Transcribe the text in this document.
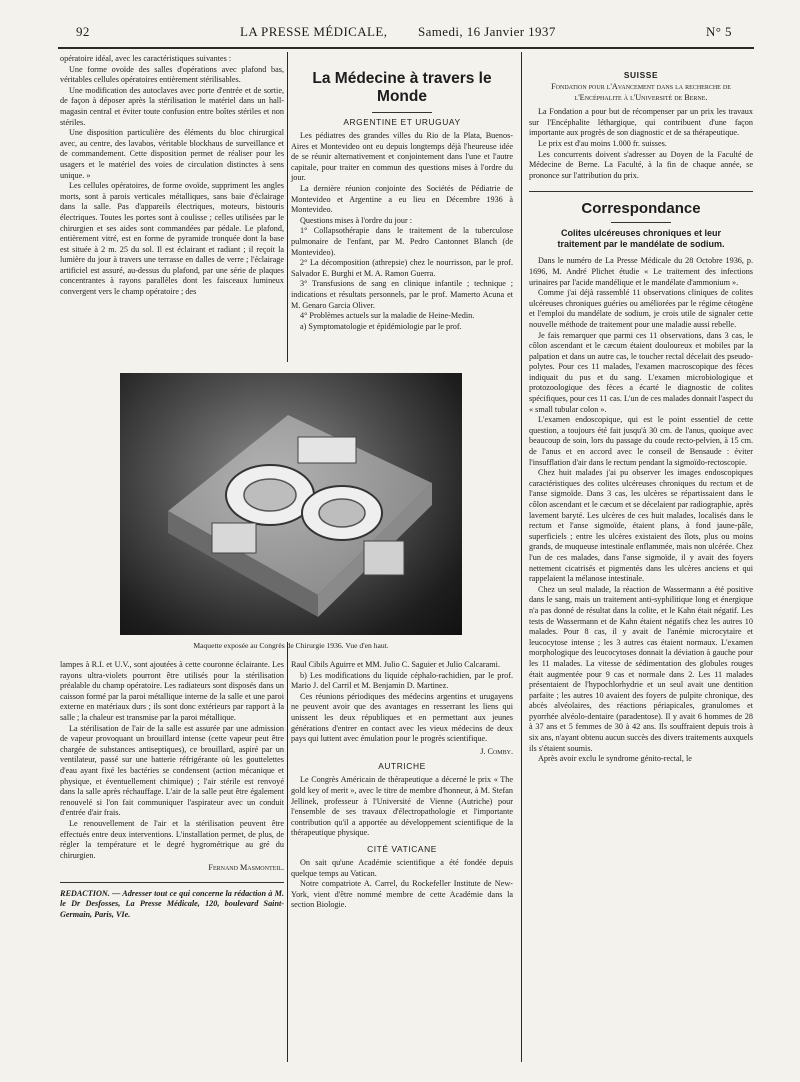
92	LA PRESSE MÉDICALE, Samedi, 16 Janvier 1937	N° 5

opératoire idéal, avec les caractéristiques suivantes :

Une forme ovoïde des salles d'opérations avec plafond bas, véritables cellules opératoires entièrement stérilisables.

Une modification des autoclaves avec porte d'entrée et de sortie, de façon à déposer après la stérilisation le matériel dans un hall-magasin central et éviter toute confusion entre boîtes stériles et non stériles.

Une disposition particulière des éléments du bloc chirurgical avec, au centre, des lavabos, véritable blockhaus de surveillance et de commandement. Cette disposition permet de réaliser pour les usagers et le matériel des voies de circulation distinctes à sens unique. »

Les cellules opératoires, de forme ovoïde, suppriment les angles morts, sont à parois verticales métalliques, sans baie d'éclairage dans la salle. Pas d'appareils électriques, moteurs, bistouris électriques. Toutes les portes sont à coulisse ; celles utilisées par le chirurgien et ses aides sont commandées par pédale. Le plafond, entièrement vitré, est en forme de pyramide tronquée dont la base est située à 2 m. 25 du sol. Il est éclairant et radiant ; il reçoit la lumière du jour à travers une terrasse en dalles de verre ; l'éclairage artificiel est assuré, au-dessus du plafond, par une série de plaques concentrantes à rayons parallèles dont les faisceaux lumineux convergent vers le champ opératoire ; des

La Médecine à travers le Monde

ARGENTINE ET URUGUAY

Les pédiatres des grandes villes du Rio de la Plata, Buenos-Aires et Montevideo ont eu depuis longtemps déjà l'heureuse idée de se réunir alternativement et conjointement dans l'une et l'autre capitale, pour traiter en commun des questions mises à l'ordre du jour.

La dernière réunion conjointe des Sociétés de Pédiatrie de Montevideo et Argentine a eu lieu en Décembre 1936 à Montevideo.

Questions mises à l'ordre du jour :

1° Collapsothérapie dans le traitement de la tuberculose pulmonaire de l'enfant, par M. Pedro Cantonnet Blanch (de Montevideo).

2° La décomposition (athrepsie) chez le nourrisson, par le prof. Salvador E. Burghi et M. A. Ramon Guerra.

3° Transfusions de sang en clinique infantile ; technique ; indications et résultats personnels, par le prof. Mamerto Acuna et M. Genaro Garcia Oliver.

4° Problèmes actuels sur la maladie de Heine-Medin.

a) Symptomatologie et épidémiologie par le prof.

Maquette exposée au Congrès de Chirurgie 1936. Vue d'en haut.

lampes à R.I. et U.V., sont ajoutées à cette couronne éclairante. Les rayons ultra-violets pourront être utilisés pour la stérilisation préalable du champ opératoire. Les radiateurs sont disposés dans un caisson formé par la paroi métallique interne de la salle et une paroi externe en matériaux durs ; ils sont donc extérieurs par rapport à la salle ; la chaleur est transmise par la paroi métallique.

La stérilisation de l'air de la salle est assurée par une admission de vapeur provoquant un brouillard intense (cette vapeur peut être chargée de substances antiseptiques), ce brouillard, aspiré par un ventilateur, passé sur une batterie réfrigérante où les gouttelettes d'eau ayant fixé les bactéries se condensent (action mécanique et physique, et éventuellement chimique) ; l'air stérile est renvoyé dans la salle après réchauffage. L'air de la salle peut être également renouvelé si l'on fait communiquer l'aspirateur avec un conduit d'entrée d'air frais.

Le renouvellement de l'air et la stérilisation peuvent être effectués entre deux interventions. L'installation permet, de plus, de régler la température et le degré hygrométrique au gré du chirurgien.

Fernand Masmonteil.

REDACTION. — Adresser tout ce qui concerne la rédaction à M. le Dr Desfosses, La Presse Médicale, 120, boulevard Saint-Germain, Paris, VIe.

Raul Cibils Aguirre et MM. Julio C. Saguier et Julio Calcarami.

b) Les modifications du liquide céphalo-rachidien, par le prof. Mario J. del Carril et M. Benjamin D. Martinez.

Ces réunions périodiques des médecins argentins et urugayens ne peuvent avoir que des avantages en resserrant les liens qui unissent les deux républiques et en permettant aux jeunes générations d'entrer en contact avec les vieux médecins de deux pays qui luttent avec émulation pour le progrès scientifique.

J. Comby.

AUTRICHE

Le Congrès Américain de thérapeutique a décerné le prix « The gold key of merit », avec le titre de membre d'honneur, à M. Stefan Jellinek, professeur à l'Université de Vienne (Autriche) pour l'ensemble de ses travaux d'électropathologie et l'importante contribution qu'il a apportée au développement scientifique de la thérapeutique physique.

CITÉ VATICANE

On sait qu'une Académie scientifique a été fondée depuis quelque temps au Vatican.

Notre compatriote A. Carrel, du Rockefeller Institute de New-York, vient d'être nommé membre de cette Académie dans la section Biologie.

SUISSE

Fondation pour l'Avancement dans la recherche de l'Encéphalite à l'Université de Berne.

La Fondation a pour but de récompenser par un prix les travaux sur l'Encéphalite léthargique, qui contribuent d'une façon importante aux progrès de son diagnostic et de sa thérapeutique.

Le prix est d'au moins 1.000 fr. suisses.

Les concurrents doivent s'adresser au Doyen de la Faculté de Médecine de Berne. La Faculté, à la fin de chaque année, se prononce sur l'attribution du prix.

Correspondance

Colites ulcéreuses chroniques et leur traitement par le mandélate de sodium.

Dans le numéro de La Presse Médicale du 28 Octobre 1936, p. 1696, M. André Plichet étudie « Le traitement des infections urinaires par l'acide mandélique et le mandélate d'ammonium ».

Comme j'ai déjà rassemblé 11 observations cliniques de colites ulcéreuses chroniques guéries ou améliorées par le régime cétogène et l'emploi du mandélate de sodium, je crois utile de signaler cette nouvelle méthode de traitement pour une maladie aussi rebelle.

Je fais remarquer que parmi ces 11 observations, dans 3 cas, le côlon ascendant et le cæcum étaient douloureux et mobiles par la palpation et dans un autre cas, le toucher rectal décelait des pseudo-polytes. Pour ces 11 malades, l'examen macroscopique des fèces indiquait du pus et du sang. L'examen microbiologique et protozoologique des fèces a écarté le diagnostic de colites spécifiques, pour ces 11 cas. L'un de ces malades donnait l'aspect du « small tubular colon ».

L'examen endoscopique, qui est le point essentiel de cette question, a toujours été fait jusqu'à 30 cm. de l'anus, quoique avec beaucoup de soin, lors du passage du coude recto-pelvien, à 15 cm. de l'anus et en accord avec le conseil de Bensaude : éviter l'insufflation d'air dans le rectum pendant la sigmoïdo-rectoscopie.

Chez huit malades j'ai pu observer les images endoscopiques caractéristiques des colites ulcéreuses chroniques du rectum et de l'anse sigmoïde. Dans 3 cas, les ulcères se répartissaient dans le côlon ascendant et le cæcum et se décelaient par radiographie, après lavement baryté. Les ulcères de ces huit malades, localisés dans le rectum et l'anse sigmoïde, étaient plans, à fond jaune-pâle, superficiels ; entre les ulcères existaient des îlots, plus ou moins grands, de muqueuse intestinale enflammée, mais non ulcérée. Chez l'un de ces malades, dans l'anse sigmoïde, il y avait des foyers nettement cicatrisés et pigmentés dans les ulcères anciens et qui rappelaient la mélanose intestinale.

Chez un seul malade, la réaction de Wassermann a été positive dans le sang, mais un traitement anti-syphilitique long et énergique n'a pas donné de résultat dans la colite, et le Kahn était négatif. Les tests de Wassermann et de Kahn étaient négatifs chez les autres 10 malades. Pour 8 cas, il y avait de l'anémie microcytaire et leucocytose intense ; les 3 autres cas étaient normaux. L'examen morphologique des leucocytoses donnait la déviation à gauche pour les 11 malades. La vitesse de sédimentation des globules rouges était augmentée pour 9 cas et normale dans 2. Les 11 malades présentaient de l'hypochlorhydrie et un seul avait une dentition parfaite ; les autres 10 avaient des foyers de pulpite chronique, des abcès alvéolaires, des réactions périapicales, granulomes et pyorrhée alvéolo-dentaire (paradentose). Il y avait 6 hommes de 28 à 37 ans et 5 femmes de 30 à 42 ans. Ils souffraient depuis trois à six ans, n'ayant obtenu aucun succès des divers traitements auxquels ils s'étaient soumis.

Après avoir exclu le syndrome génito-rectal, le
